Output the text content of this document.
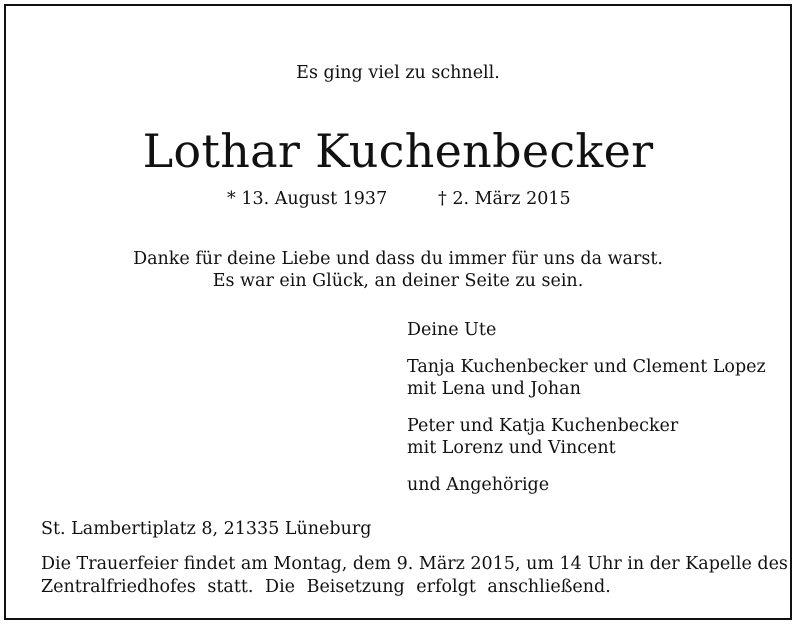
Es ging viel zu schnell.
Lothar Kuchenbecker
* 13. August 1937	† 2. März 2015
Danke für deine Liebe und dass du immer für uns da warst.
Es war ein Glück, an deiner Seite zu sein.
Deine Ute
Tanja Kuchenbecker und Clement Lopez
mit Lena und Johan
Peter und Katja Kuchenbecker
mit Lorenz und Vincent
und Angehörige
St. Lambertiplatz 8, 21335 Lüneburg
Die Trauerfeier findet am Montag, dem 9. März 2015, um 14 Uhr in der Kapelle des
Zentralfriedhofes statt. Die Beisetzung erfolgt anschließend.
